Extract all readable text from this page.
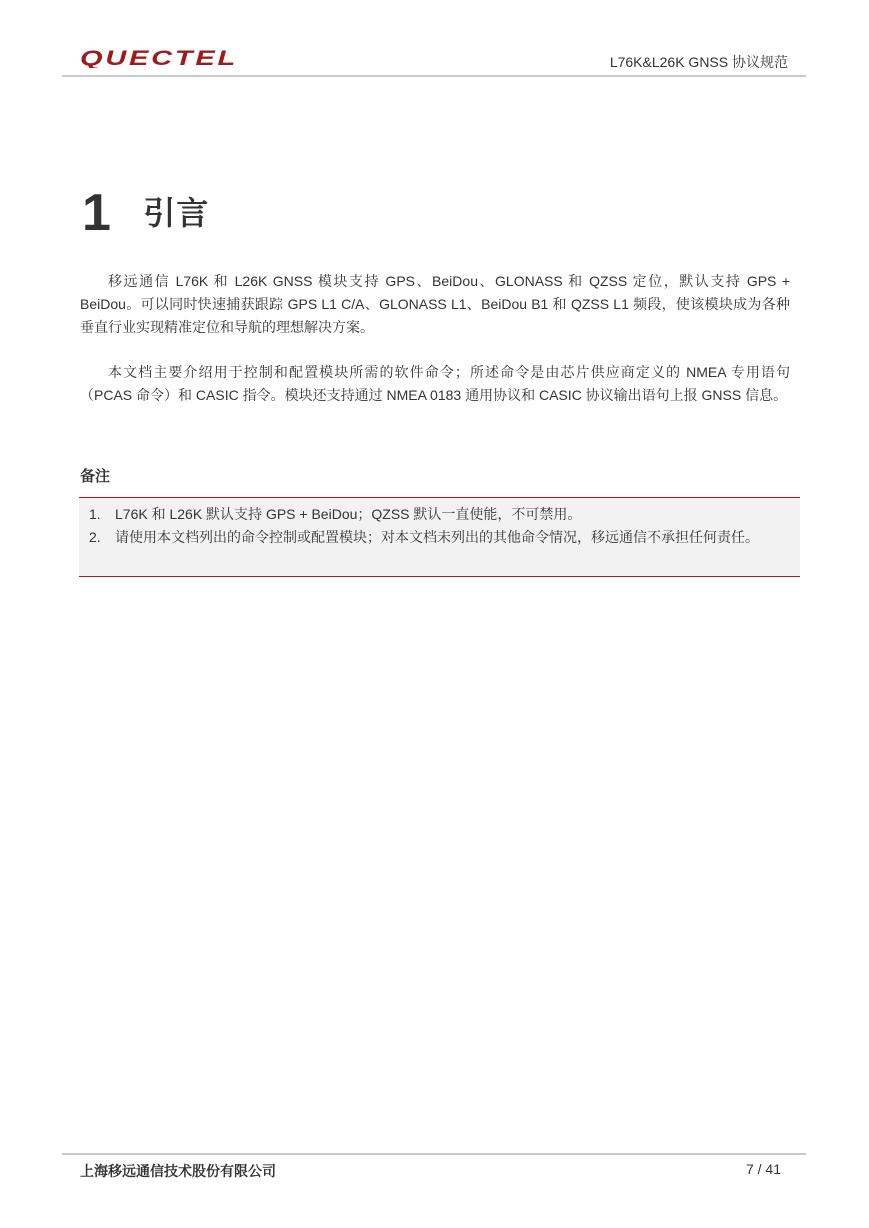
QUECTEL	L76K&L26K GNSS 协议规范
1 引言
移远通信 L76K 和 L26K GNSS 模块支持 GPS、BeiDou、GLONASS 和 QZSS 定位，默认支持 GPS + BeiDou。可以同时快速捕获跟踪 GPS L1 C/A、GLONASS L1、BeiDou B1 和 QZSS L1 频段，使该模块成为各种垂直行业实现精准定位和导航的理想解决方案。
本文档主要介绍用于控制和配置模块所需的软件命令；所述命令是由芯片供应商定义的 NMEA 专用语句（PCAS 命令）和 CASIC 指令。模块还支持通过 NMEA 0183 通用协议和 CASIC 协议输出语句上报 GNSS 信息。
备注
1.	L76K 和 L26K 默认支持 GPS + BeiDou；QZSS 默认一直使能，不可禁用。
2.	请使用本文档列出的命令控制或配置模块；对本文档未列出的其他命令情况，移远通信不承担任何责任。
上海移远通信技术股份有限公司	7 / 41
